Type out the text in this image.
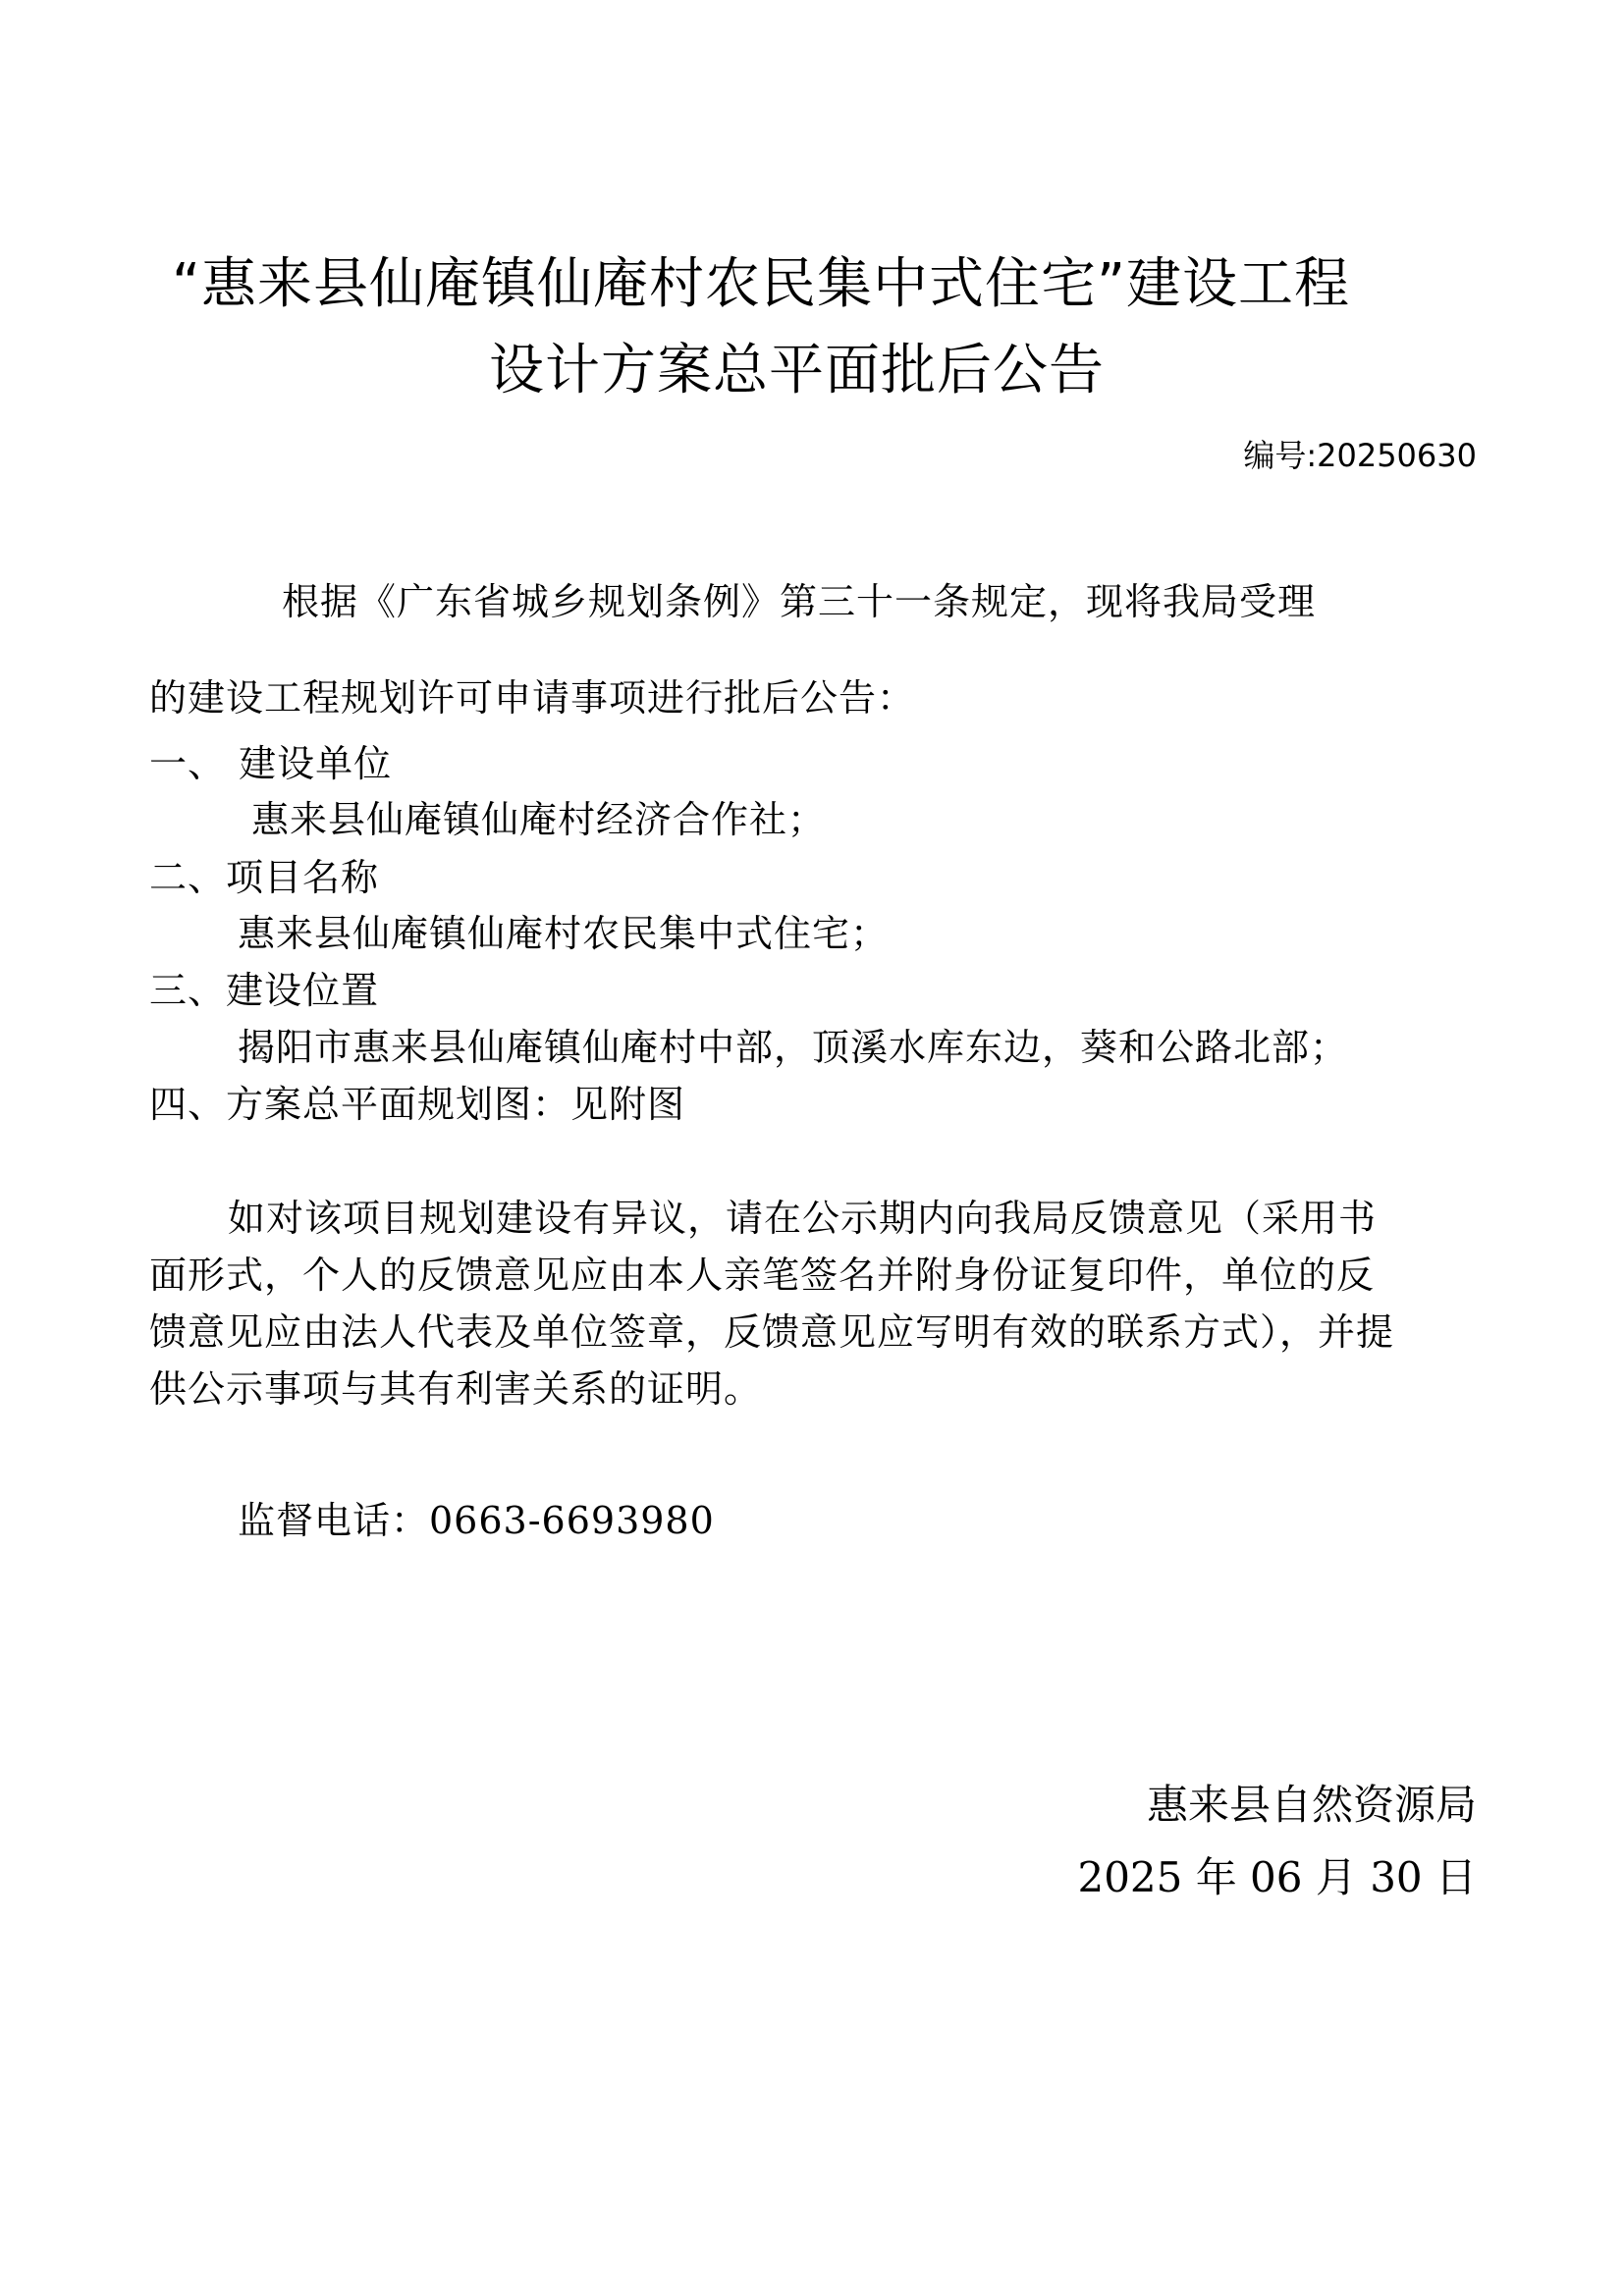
“惠来县仙庵镇仙庵村农民集中式住宅”建设工程
设计方案总平面批后公告
编号:20250630
根据《广东省城乡规划条例》第三十一条规定，现将我局受理
的建设工程规划许可申请事项进行批后公告：
一、 建设单位
惠来县仙庵镇仙庵村经济合作社；
二、项目名称
惠来县仙庵镇仙庵村农民集中式住宅；
三、建设位置
揭阳市惠来县仙庵镇仙庵村中部，顶溪水库东边，葵和公路北部；
四、方案总平面规划图：见附图
如对该项目规划建设有异议，请在公示期内向我局反馈意见（采用书
面形式，个人的反馈意见应由本人亲笔签名并附身份证复印件，单位的反
馈意见应由法人代表及单位签章，反馈意见应写明有效的联系方式），并提
供公示事项与其有利害关系的证明。
监督电话：0663-6693980
惠来县自然资源局
2025 年 06 月 30 日
